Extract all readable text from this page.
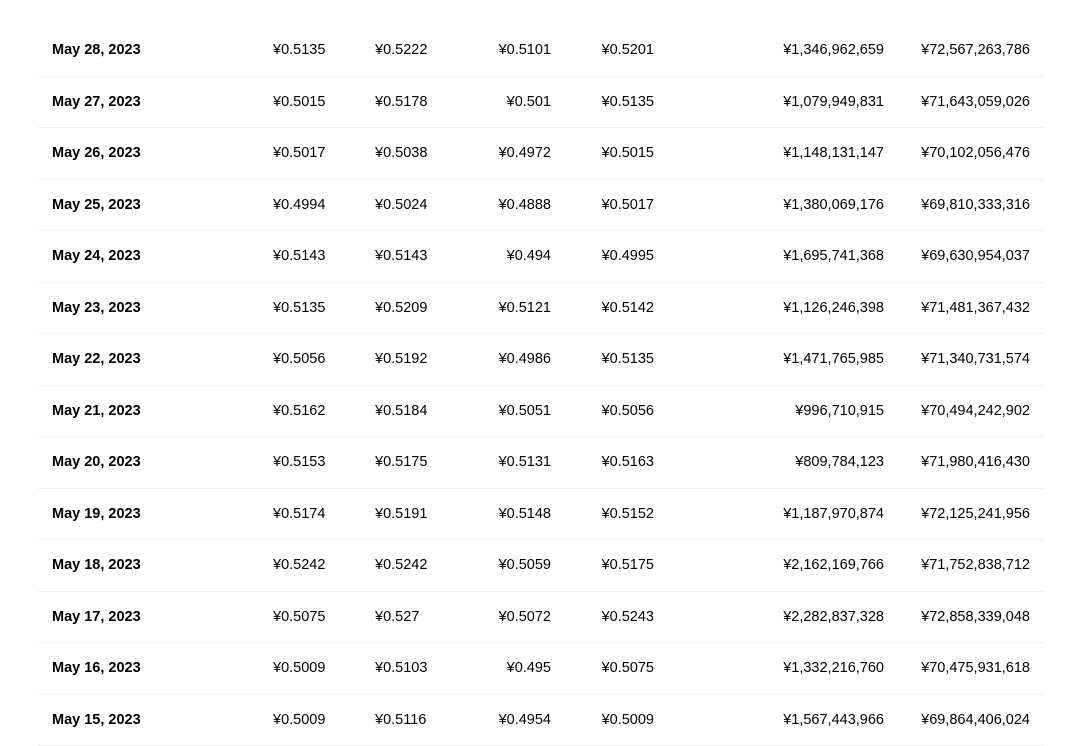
May 28, 2023	¥0.5135	¥0.5222	¥0.5101	¥0.5201	¥1,346,962,659	¥72,567,263,786
May 27, 2023	¥0.5015	¥0.5178	¥0.501	¥0.5135	¥1,079,949,831	¥71,643,059,026
May 26, 2023	¥0.5017	¥0.5038	¥0.4972	¥0.5015	¥1,148,131,147	¥70,102,056,476
May 25, 2023	¥0.4994	¥0.5024	¥0.4888	¥0.5017	¥1,380,069,176	¥69,810,333,316
May 24, 2023	¥0.5143	¥0.5143	¥0.494	¥0.4995	¥1,695,741,368	¥69,630,954,037
May 23, 2023	¥0.5135	¥0.5209	¥0.5121	¥0.5142	¥1,126,246,398	¥71,481,367,432
May 22, 2023	¥0.5056	¥0.5192	¥0.4986	¥0.5135	¥1,471,765,985	¥71,340,731,574
May 21, 2023	¥0.5162	¥0.5184	¥0.5051	¥0.5056	¥996,710,915	¥70,494,242,902
May 20, 2023	¥0.5153	¥0.5175	¥0.5131	¥0.5163	¥809,784,123	¥71,980,416,430
May 19, 2023	¥0.5174	¥0.5191	¥0.5148	¥0.5152	¥1,187,970,874	¥72,125,241,956
May 18, 2023	¥0.5242	¥0.5242	¥0.5059	¥0.5175	¥2,162,169,766	¥71,752,838,712
May 17, 2023	¥0.5075	¥0.527	¥0.5072	¥0.5243	¥2,282,837,328	¥72,858,339,048
May 16, 2023	¥0.5009	¥0.5103	¥0.495	¥0.5075	¥1,332,216,760	¥70,475,931,618
May 15, 2023	¥0.5009	¥0.5116	¥0.4954	¥0.5009	¥1,567,443,966	¥69,864,406,024
